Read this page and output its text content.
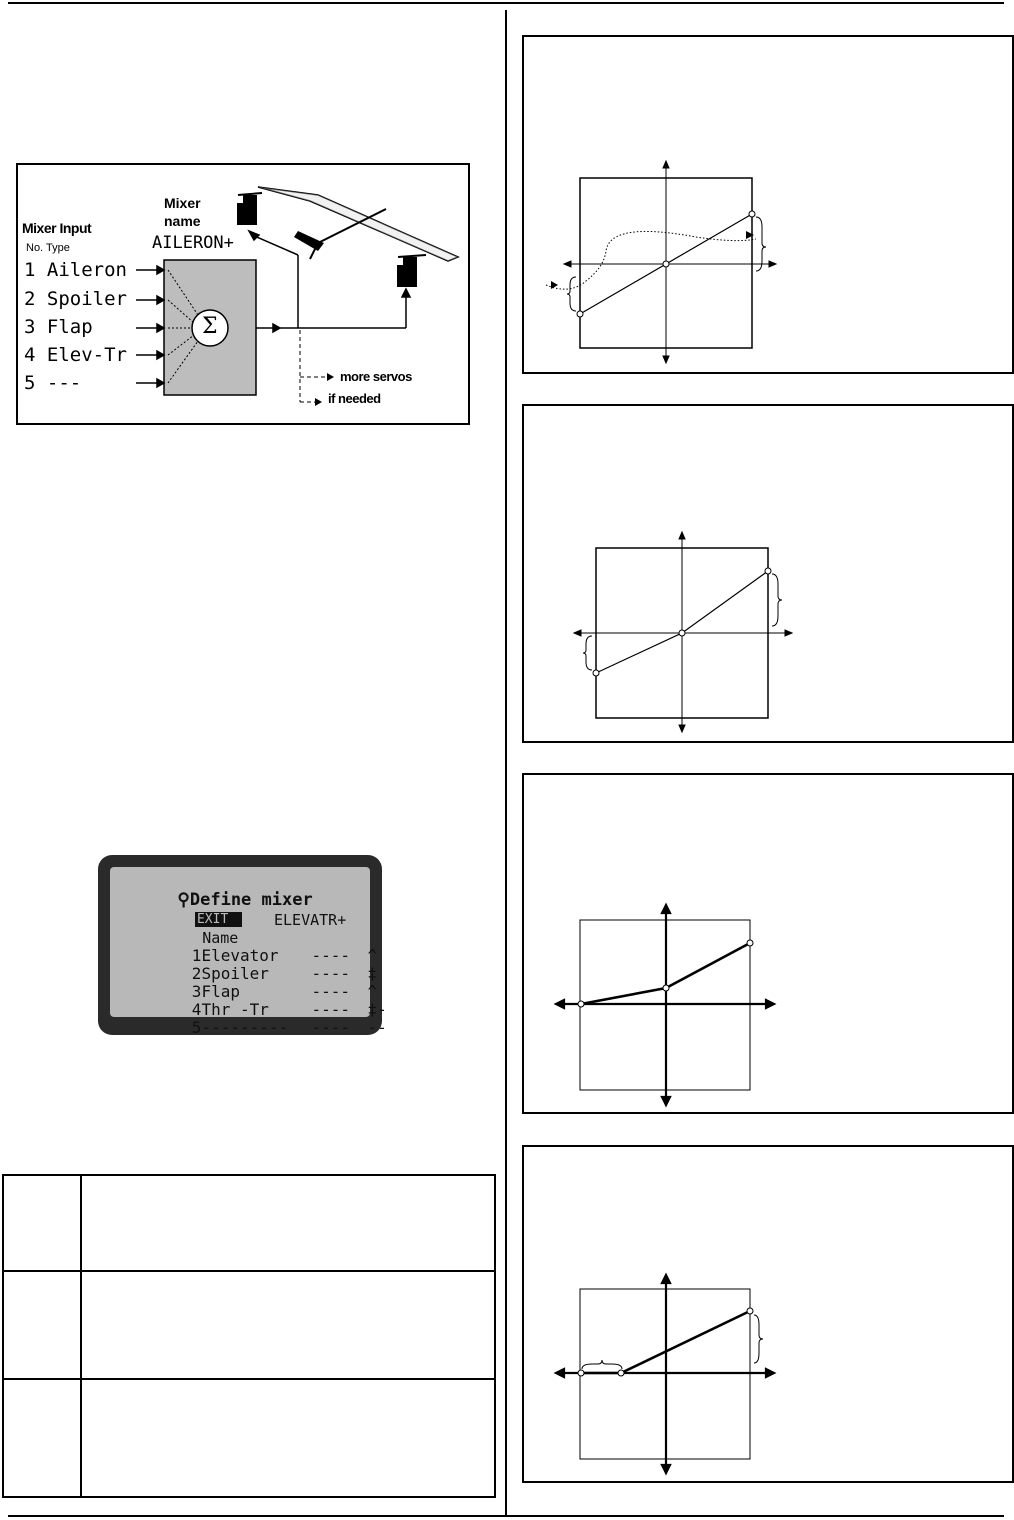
Mixer Input
No. Type
Mixer
name
AILERON+
1 Aileron
2 Spoiler
3 Flap
4 Elev-Tr
5 ---
Σ
more servos
if needed

⚲Define mixer

EXIT

Name

ELEVATR+

1Elevator ---- ^

2Spoiler	---- ‡

3Flap	---- ^

4Thr -Tr	---- ‡-

5--------- ---- --
